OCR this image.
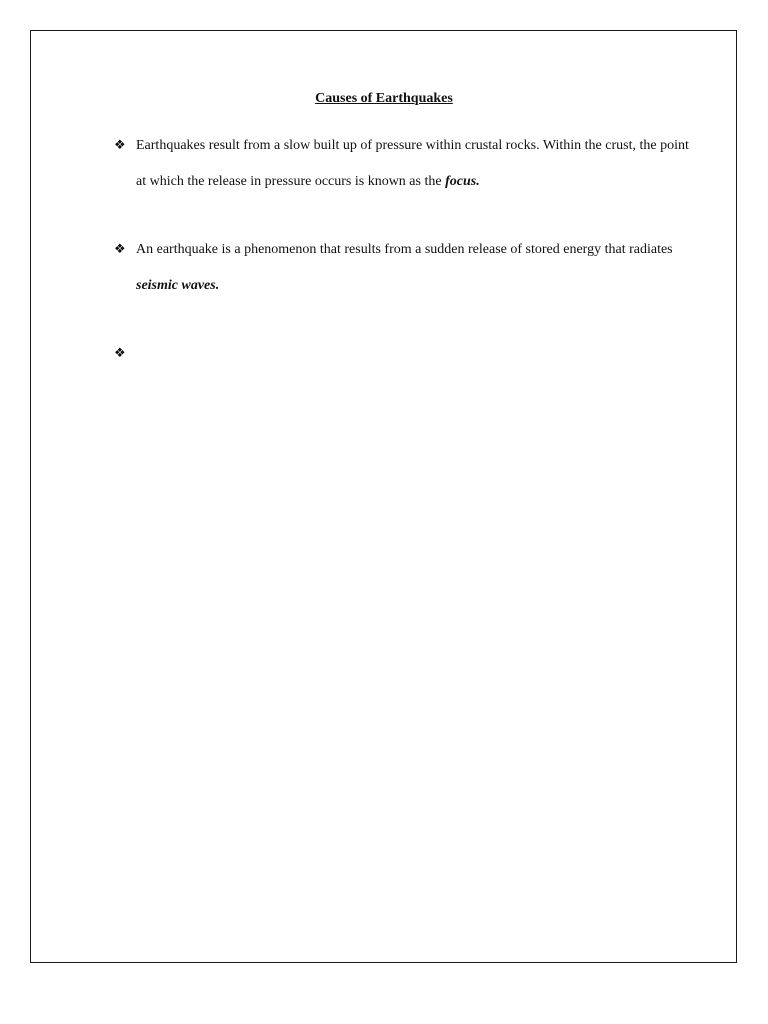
Causes of Earthquakes
❖ Earthquakes result from a slow built up of pressure within crustal rocks. Within the crust, the point at which the release in pressure occurs is known as the focus.

❖ An earthquake is a phenomenon that results from a sudden release of stored energy that radiates seismic waves.

❖
